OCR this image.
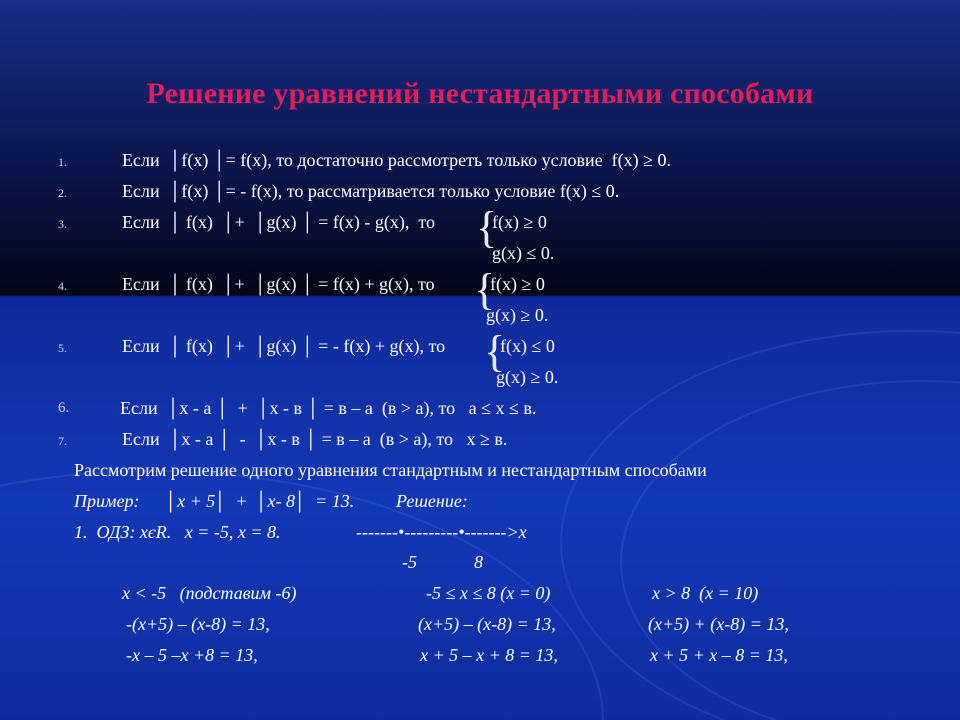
Решение уравнений нестандартными способами
1.	Если  │f(x) │= f(x), то достаточно рассмотреть только условие  f(x) ≥ 0.
2.	Если  │f(x) │= - f(x), то рассматривается только условие f(x) ≤ 0.
3.	Если  │ f(x)  │+  │g(x) │ = f(x) - g(x),  то	f(x) ≥ 0
{
g(x) ≤ 0.
4.	Если  │ f(x)  │+  │g(x) │ = f(x) + g(x), то	f(x) ≥ 0
{
g(x) ≥ 0.
5.	Если  │ f(x)  │+  │g(x) │ = - f(x) + g(x), то	f(x) ≤ 0
{
g(x) ≥ 0.
6.	Если  │x - a │  +  │x - в │ = в – а  (в > а), то   а ≤ х ≤ в.
7.	Если  │x - a │  -  │x - в │ = в – а  (в > а), то   х ≥ в.
Рассмотрим решение одного уравнения стандартным и нестандартным способами
Пример: │x + 5│  +  │x- 8│  = 13. Решение:
1.  ОДЗ: хєR.   х = -5, х = 8.	-------•---------•------->x
-5	8
х < -5   (подставим -6)	-5 ≤ х ≤ 8 (х = 0)	х > 8  (х = 10)
-(х+5) – (х-8) = 13,	(х+5) – (х-8) = 13,	(х+5) + (х-8) = 13,
-х – 5 –х +8 = 13,	х + 5 – х + 8 = 13,	х + 5 + х – 8 = 13,
